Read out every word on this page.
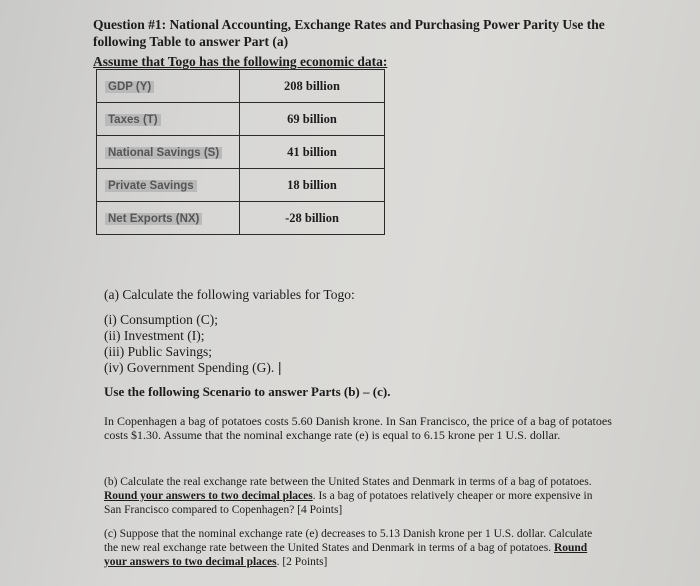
Question #1: National Accounting, Exchange Rates and Purchasing Power Parity Use the following Table to answer Part (a)
Assume that Togo has the following economic data:
GDP (Y)	208 billion
Taxes (T)	69 billion
National Savings (S)	41 billion
Private Savings	18 billion
Net Exports (NX)	-28 billion
(a) Calculate the following variables for Togo:
(i) Consumption (C);
(ii) Investment (I);
(iii) Public Savings;
(iv) Government Spending (G). |
Use the following Scenario to answer Parts (b) – (c).
In Copenhagen a bag of potatoes costs 5.60 Danish krone. In San Francisco, the price of a bag of potatoes costs $1.30. Assume that the nominal exchange rate (e) is equal to 6.15 krone per 1 U.S. dollar.
(b) Calculate the real exchange rate between the United States and Denmark in terms of a bag of potatoes. Round your answers to two decimal places. Is a bag of potatoes relatively cheaper or more expensive in San Francisco compared to Copenhagen? [4 Points]
(c) Suppose that the nominal exchange rate (e) decreases to 5.13 Danish krone per 1 U.S. dollar. Calculate the new real exchange rate between the United States and Denmark in terms of a bag of potatoes. Round your answers to two decimal places. [2 Points]
